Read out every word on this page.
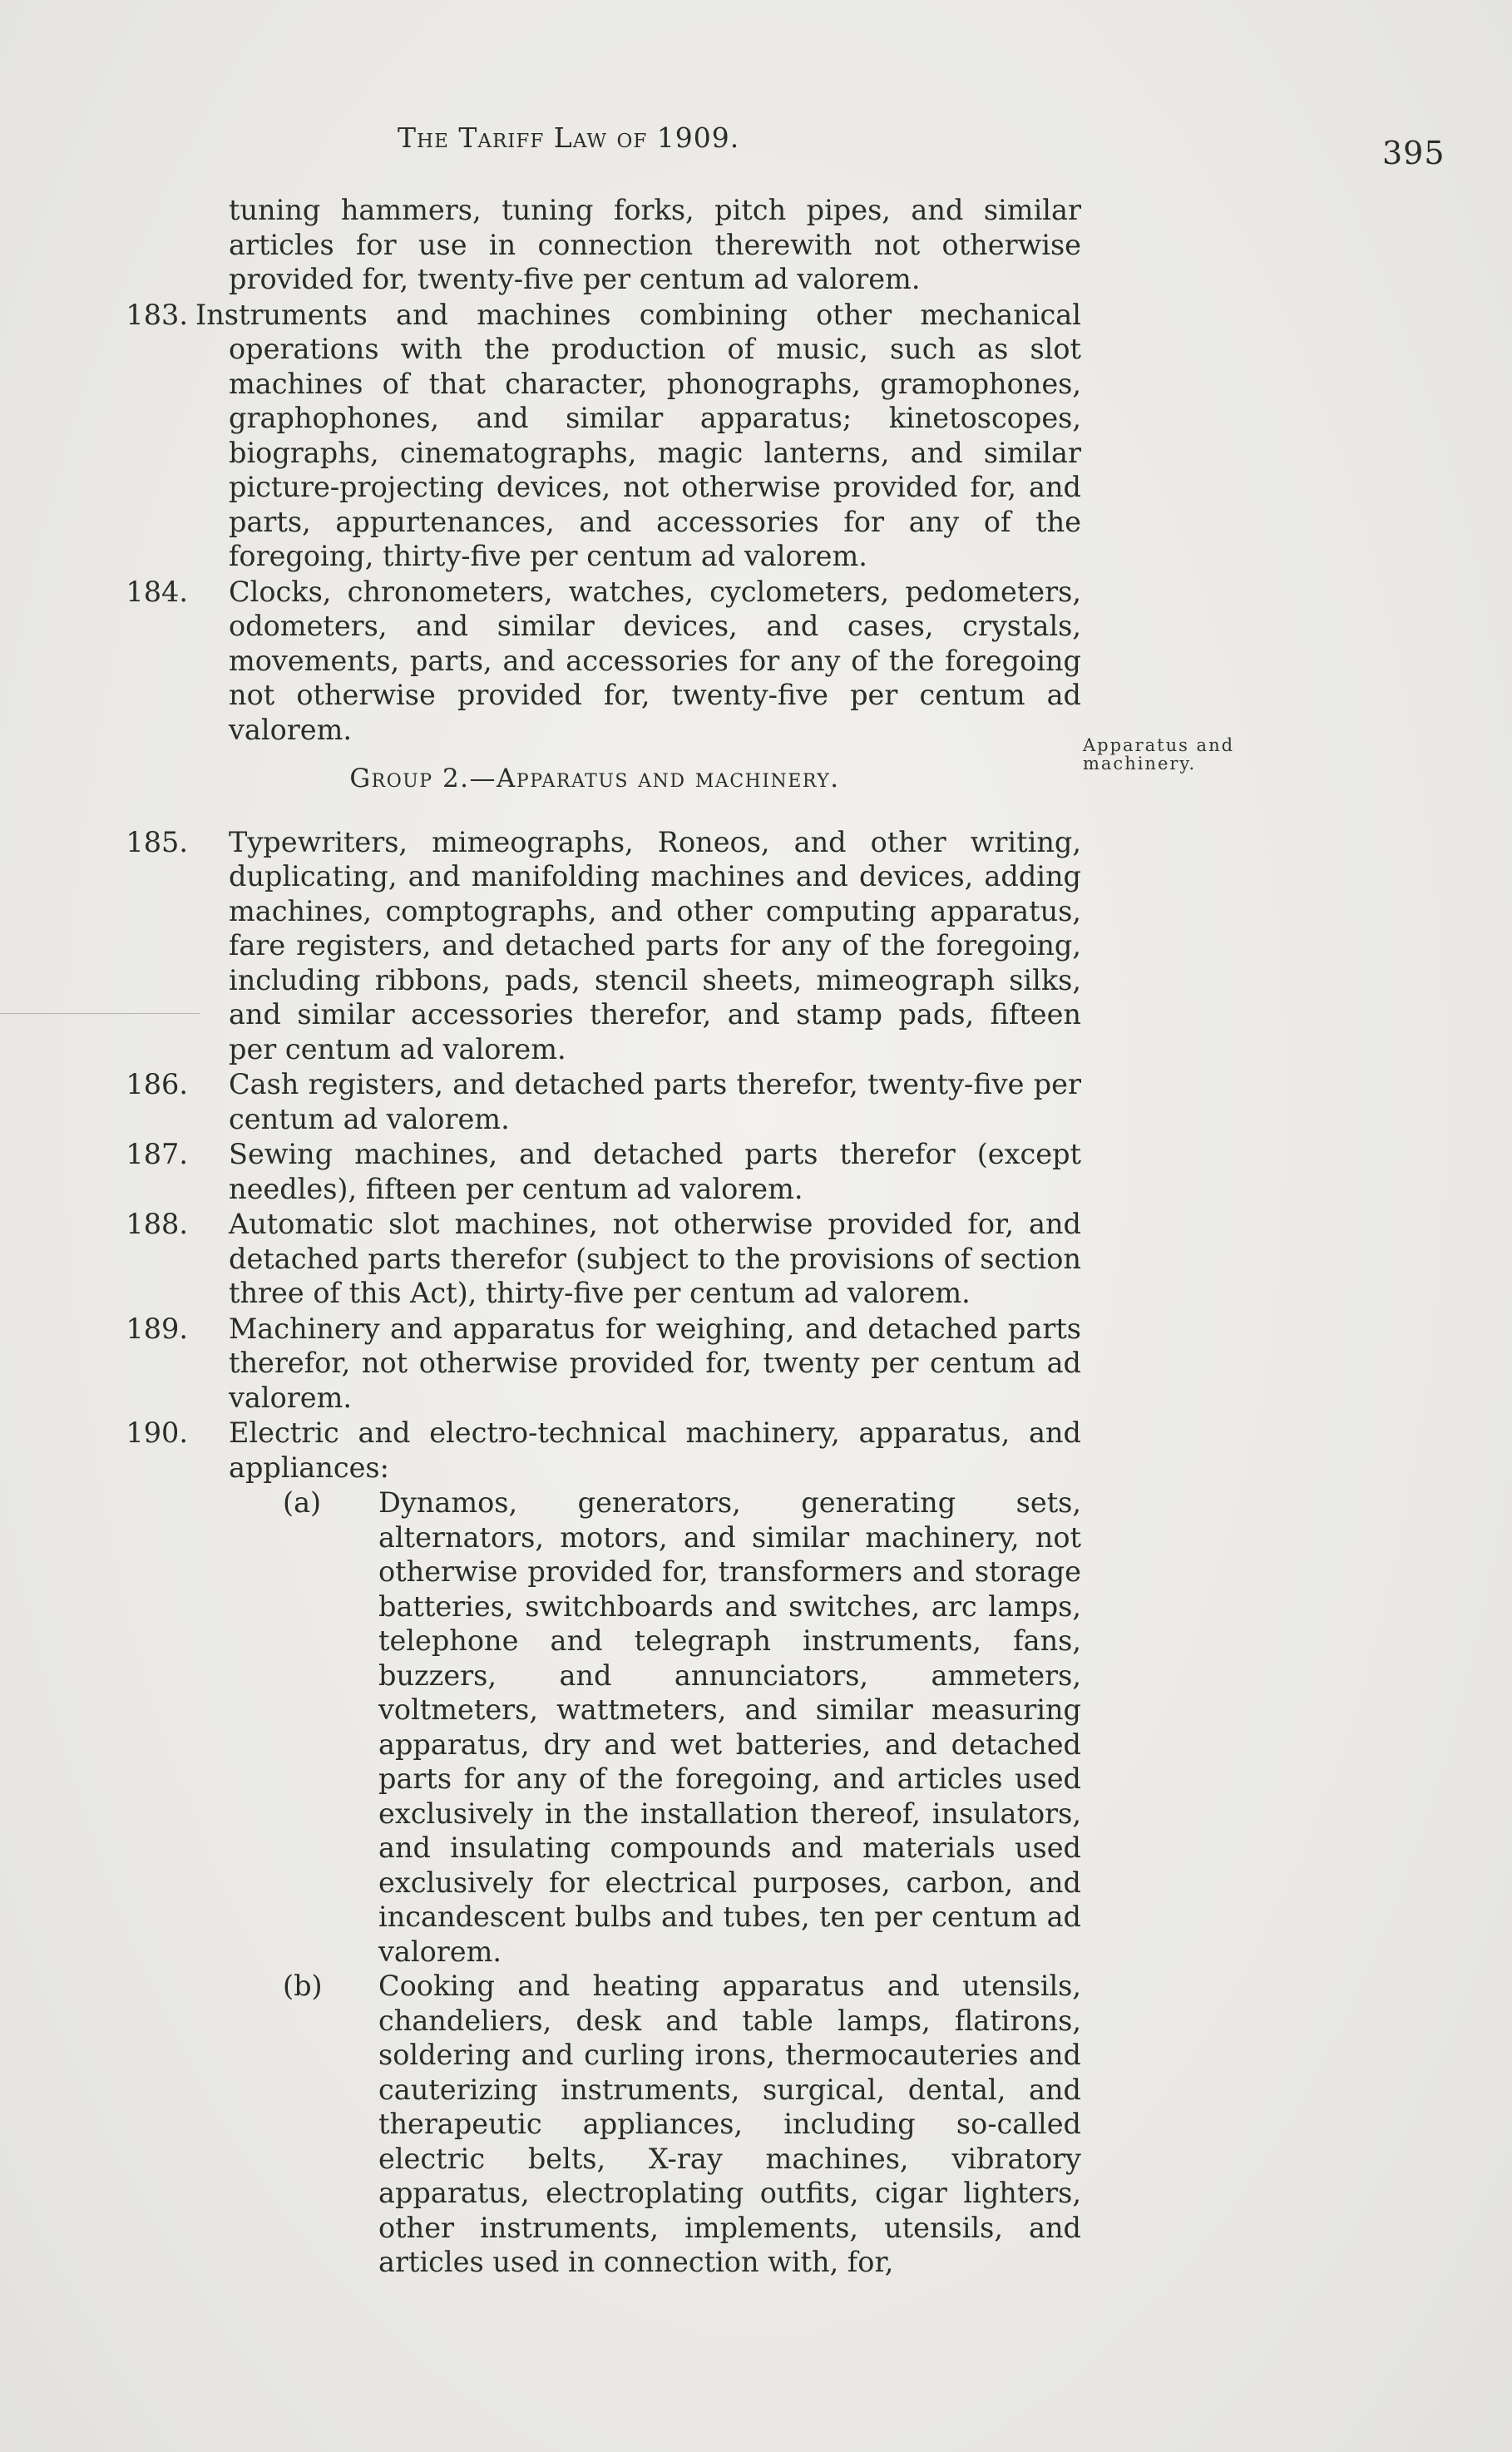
The Tariff Law of 1909.	395
Apparatus and machinery.
tuning hammers, tuning forks, pitch pipes, and similar articles for use in connection therewith not otherwise provided for, twenty-five per centum ad valorem.
183. Instruments and machines combining other mechanical operations with the production of music, such as slot machines of that character, phonographs, gramophones, graphophones, and similar apparatus; kinetoscopes, biographs, cinematographs, magic lanterns, and similar picture-projecting devices, not otherwise provided for, and parts, appurtenances, and accessories for any of the foregoing, thirty-five per centum ad valorem.
184. Clocks, chronometers, watches, cyclometers, pedometers, odometers, and similar devices, and cases, crystals, movements, parts, and accessories for any of the foregoing not otherwise provided for, twenty-five per centum ad valorem.
Group 2.—Apparatus and machinery.
185. Typewriters, mimeographs, Roneos, and other writing, duplicating, and manifolding machines and devices, adding machines, comptographs, and other computing apparatus, fare registers, and detached parts for any of the foregoing, including ribbons, pads, stencil sheets, mimeograph silks, and similar accessories therefor, and stamp pads, fifteen per centum ad valorem.
186. Cash registers, and detached parts therefor, twenty-five per centum ad valorem.
187. Sewing machines, and detached parts therefor (except needles), fifteen per centum ad valorem.
188. Automatic slot machines, not otherwise provided for, and detached parts therefor (subject to the provisions of section three of this Act), thirty-five per centum ad valorem.
189. Machinery and apparatus for weighing, and detached parts therefor, not otherwise provided for, twenty per centum ad valorem.
190. Electric and electro-technical machinery, apparatus, and appliances:
(a) Dynamos, generators, generating sets, alternators, motors, and similar machinery, not otherwise provided for, transformers and storage batteries, switchboards and switches, arc lamps, telephone and telegraph instruments, fans, buzzers, and annunciators, ammeters, voltmeters, wattmeters, and similar measuring apparatus, dry and wet batteries, and detached parts for any of the foregoing, and articles used exclusively in the installation thereof, insulators, and insulating compounds and materials used exclusively for electrical purposes, carbon, and incandescent bulbs and tubes, ten per centum ad valorem.
(b) Cooking and heating apparatus and utensils, chandeliers, desk and table lamps, flatirons, soldering and curling irons, thermocauteries and cauterizing instruments, surgical, dental, and therapeutic appliances, including so-called electric belts, X-ray machines, vibratory apparatus, electroplating outfits, cigar lighters, other instruments, implements, utensils, and articles used in connection with, for,
